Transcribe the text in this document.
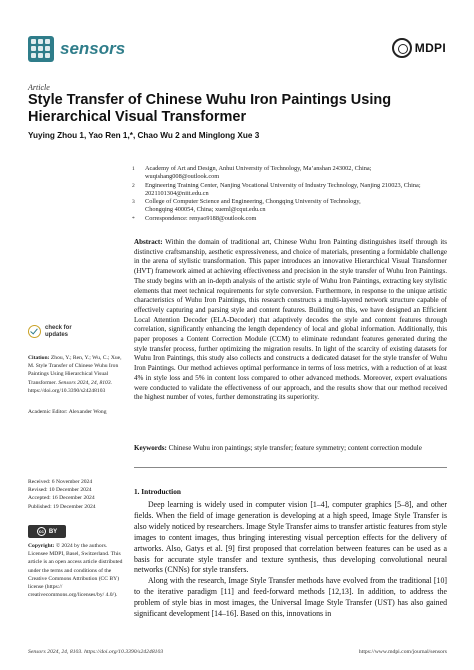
sensors	MDPI
Article
Style Transfer of Chinese Wuhu Iron Paintings Using Hierarchical Visual Transformer
Yuying Zhou 1, Yao Ren 1,*, Chao Wu 2 and Minglong Xue 3
1	Academy of Art and Design, Anhui University of Technology, Ma’anshan 243002, China;
wuqishang008@outlook.com
2	Engineering Training Center, Nanjing Vocational University of Industry Technology, Nanjing 210023, China;
2021101304@niit.edu.cn
3	College of Computer Science and Engineering, Chongqing University of Technology,
Chongqing 400054, China; xueml@cqut.edu.cn
*	Correspondence: renyao9188@outlook.com
Abstract: Within the domain of traditional art, Chinese Wuhu Iron Painting distinguishes itself through its distinctive craftsmanship, aesthetic expressiveness, and choice of materials, presenting a formidable challenge in the arena of stylistic transformation. This paper introduces an innovative Hierarchical Visual Transformer (HVT) framework aimed at achieving effectiveness and precision in the style transfer of Wuhu Iron Paintings. The study begins with an in-depth analysis of the artistic style of Wuhu Iron Paintings, extracting key stylistic elements that meet technical requirements for style conversion. Furthermore, in response to the unique artistic characteristics of Wuhu Iron Paintings, this research constructs a multi-layered network structure capable of effectively capturing and parsing style and content features. Building on this, we have designed an Efficient Local Attention Decoder (ELA-Decoder) that adaptively decodes the style and content features through correlation, significantly enhancing the length dependency of local and global information. Additionally, this paper proposes a Content Correction Module (CCM) to eliminate redundant features generated during the style transfer process, further optimizing the migration results. In light of the scarcity of existing datasets for Wuhu Iron Paintings, this study also collects and constructs a dedicated dataset for the style transfer of Wuhu Iron Paintings. Our method achieves optimal performance in terms of loss metrics, with a reduction of at least 4% in style loss and 5% in content loss compared to other advanced methods. Moreover, expert evaluations were conducted to validate the effectiveness of our approach, and the results show that our method received the highest number of votes, further demonstrating its superiority.
Keywords: Chinese Wuhu iron paintings; style transfer; feature symmetry; content correction module
check for updates
Citation: Zhou, Y.; Ren, Y.; Wu, C.; Xue, M. Style Transfer of Chinese Wuhu Iron Paintings Using Hierarchical Visual Transformer. Sensors 2024, 24, 8103. https://doi.org/10.3390/s24248103
Academic Editor: Alexander Wong
Received: 6 November 2024
Revised: 10 December 2024
Accepted: 16 December 2024
Published: 19 December 2024
cc BY
Copyright: © 2024 by the authors. Licensee MDPI, Basel, Switzerland. This article is an open access article distributed under the terms and conditions of the Creative Commons Attribution (CC BY) license (https:// creativecommons.org/licenses/by/ 4.0/).
1. Introduction

Deep learning is widely used in computer vision [1–4], computer graphics [5–8], and other fields. When the field of image generation is developing at a high speed, Image Style Transfer is also widely noticed by researchers. Image Style Transfer aims to transfer artistic features from style images to content images, thus bringing interesting visual perception effects for the delivery of artworks. Also, Gatys et al. [9] first proposed that correlation between features can be used as a basis for accurate style transfer and texture synthesis, thus developing convolutional neural networks (CNNs) for style transfers.

Along with the research, Image Style Transfer methods have evolved from the traditional [10] to the iterative paradigm [11] and feed-forward methods [12,13]. In addition, to address the problem of style bias in most images, the Universal Image Style Transfer (UST) has also gained significant development [14–16]. Based on this, innovations in

Sensors 2024, 24, 8103. https://doi.org/10.3390/s24248103	https://www.mdpi.com/journal/sensors
